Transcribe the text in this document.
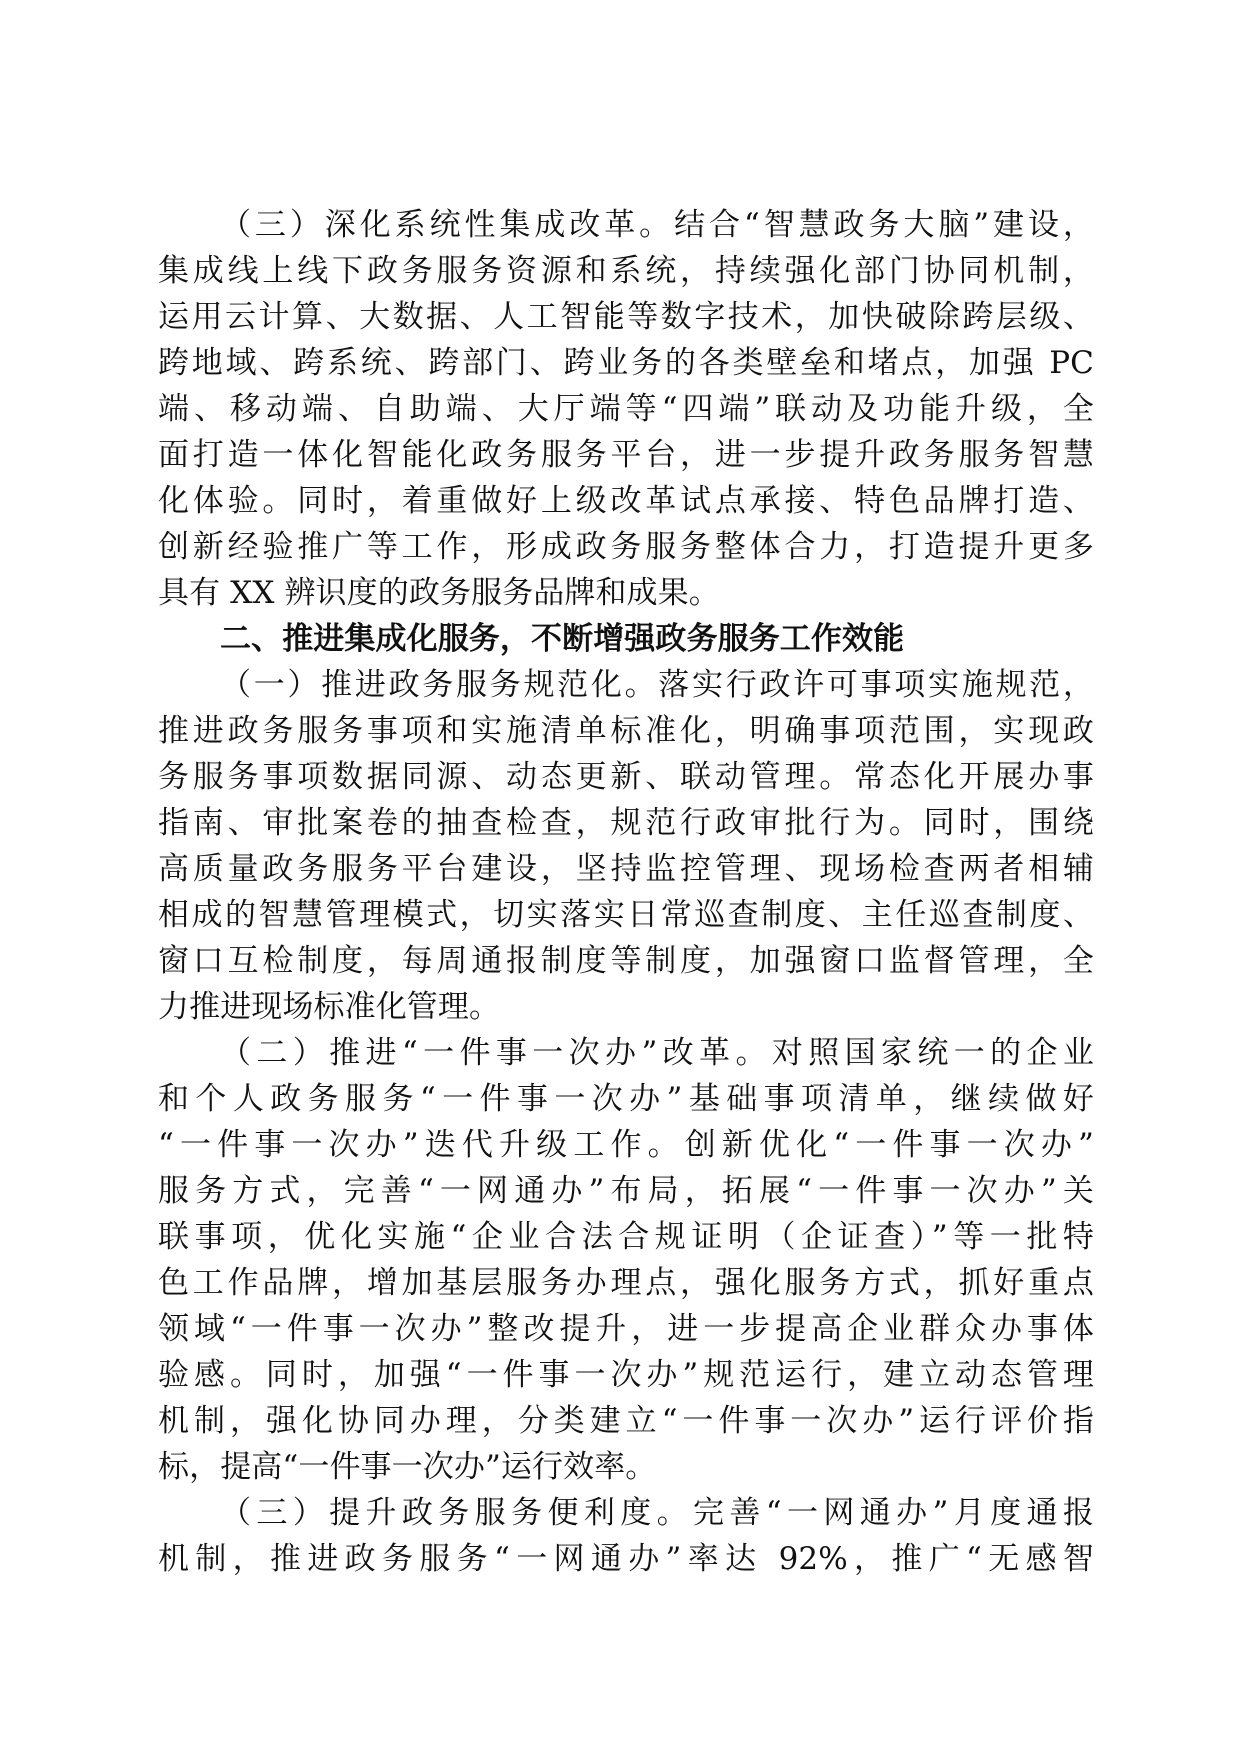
（三）深化系统性集成改革。结合“智慧政务大脑”建设，
集成线上线下政务服务资源和系统，持续强化部门协同机制，
运用云计算、大数据、人工智能等数字技术，加快破除跨层级、
跨地域、跨系统、跨部门、跨业务的各类壁垒和堵点，加强 PC
端、移动端、自助端、大厅端等“四端”联动及功能升级，全
面打造一体化智能化政务服务平台，进一步提升政务服务智慧
化体验。同时，着重做好上级改革试点承接、特色品牌打造、
创新经验推广等工作，形成政务服务整体合力，打造提升更多
具有 XX 辨识度的政务服务品牌和成果。
二、推进集成化服务，不断增强政务服务工作效能
（一）推进政务服务规范化。落实行政许可事项实施规范，
推进政务服务事项和实施清单标准化，明确事项范围，实现政
务服务事项数据同源、动态更新、联动管理。常态化开展办事
指南、审批案卷的抽查检查，规范行政审批行为。同时，围绕
高质量政务服务平台建设，坚持监控管理、现场检查两者相辅
相成的智慧管理模式，切实落实日常巡查制度、主任巡查制度、
窗口互检制度，每周通报制度等制度，加强窗口监督管理，全
力推进现场标准化管理。
（二）推进“一件事一次办”改革。对照国家统一的企业
和个人政务服务“一件事一次办”基础事项清单，继续做好
“一件事一次办”迭代升级工作。创新优化“一件事一次办”
服务方式，完善“一网通办”布局，拓展“一件事一次办”关
联事项，优化实施“企业合法合规证明（企证查）”等一批特
色工作品牌，增加基层服务办理点，强化服务方式，抓好重点
领域“一件事一次办”整改提升，进一步提高企业群众办事体
验感。同时，加强“一件事一次办”规范运行，建立动态管理
机制，强化协同办理，分类建立“一件事一次办”运行评价指
标，提高“一件事一次办”运行效率。
（三）提升政务服务便利度。完善“一网通办”月度通报
机制，推进政务服务“一网通办”率达 92%，推广“无感智
